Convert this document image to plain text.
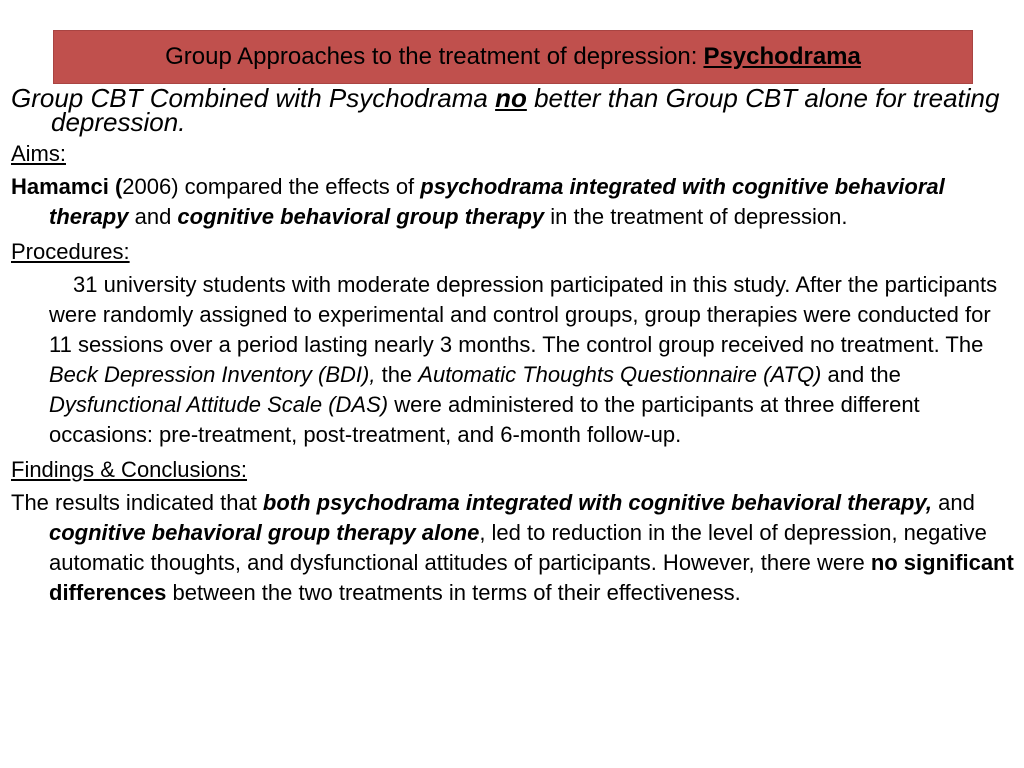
Group Approaches to the treatment of depression: Psychodrama
Group CBT Combined with Psychodrama no better than Group CBT alone for treating depression.
Aims:
Hamamci (2006) compared the effects of psychodrama integrated with cognitive behavioral therapy and cognitive behavioral group therapy in the treatment of depression.
Procedures:
31 university students with moderate depression participated in this study. After the participants were randomly assigned to experimental and control groups, group therapies were conducted for 11 sessions over a period lasting nearly 3 months. The control group received no treatment. The Beck Depression Inventory (BDI), the Automatic Thoughts Questionnaire (ATQ) and the Dysfunctional Attitude Scale (DAS) were administered to the participants at three different occasions: pre-treatment, post-treatment, and 6-month follow-up.
Findings & Conclusions:
The results indicated that both psychodrama integrated with cognitive behavioral therapy, and cognitive behavioral group therapy alone, led to reduction in the level of depression, negative automatic thoughts, and dysfunctional attitudes of participants. However, there were no significant differences between the two treatments in terms of their effectiveness.
